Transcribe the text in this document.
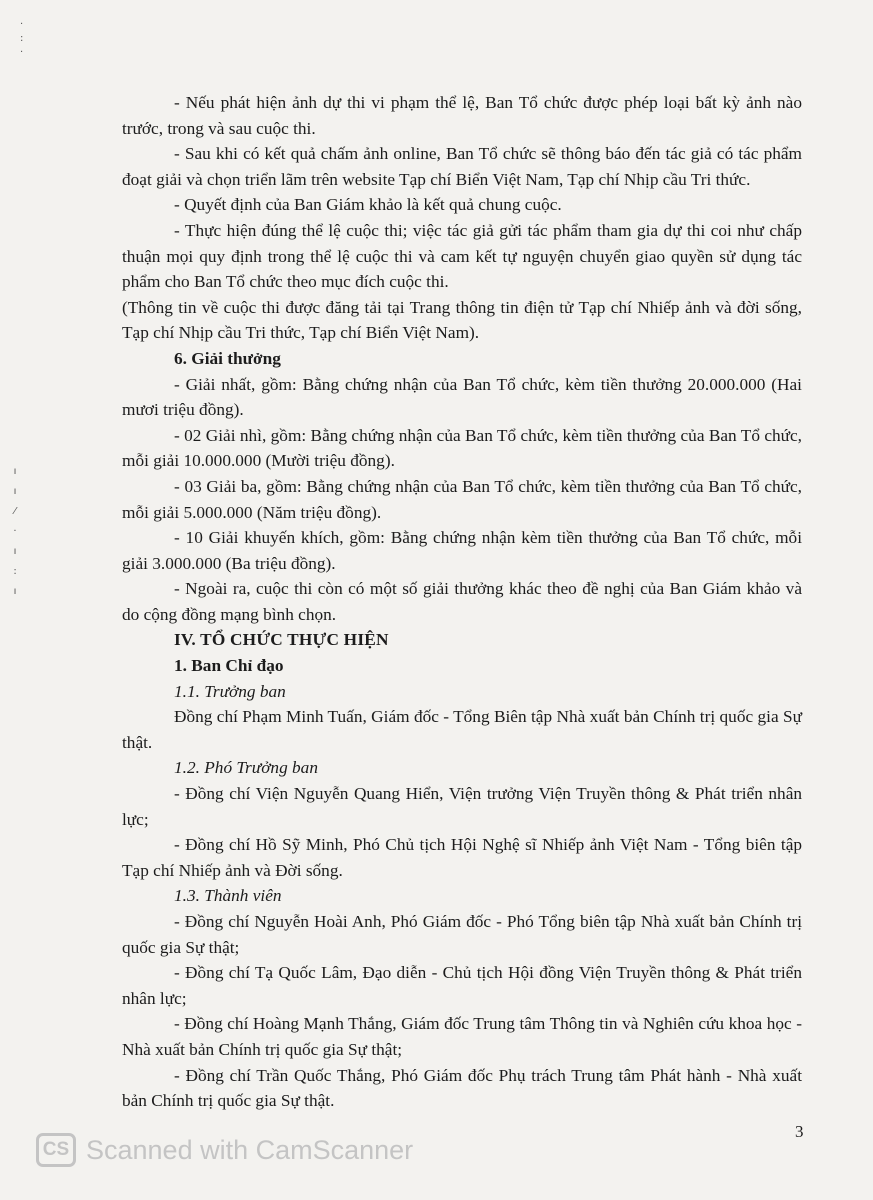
·
:
·
ı
ı
⁄
·
ı
:
ı

- Nếu phát hiện ảnh dự thi vi phạm thể lệ, Ban Tổ chức được phép loại bất kỳ ảnh nào trước, trong và sau cuộc thi.

- Sau khi có kết quả chấm ảnh online, Ban Tổ chức sẽ thông báo đến tác giả có tác phẩm đoạt giải và chọn triển lãm trên website Tạp chí Biển Việt Nam, Tạp chí Nhịp cầu Tri thức.

- Quyết định của Ban Giám khảo là kết quả chung cuộc.

- Thực hiện đúng thể lệ cuộc thi; việc tác giả gửi tác phẩm tham gia dự thi coi như chấp thuận mọi quy định trong thể lệ cuộc thi và cam kết tự nguyện chuyển giao quyền sử dụng tác phẩm cho Ban Tổ chức theo mục đích cuộc thi.

(Thông tin về cuộc thi được đăng tải tại Trang thông tin điện tử Tạp chí Nhiếp ảnh và đời sống, Tạp chí Nhịp cầu Tri thức, Tạp chí Biển Việt Nam).

6. Giải thưởng

- Giải nhất, gồm: Bằng chứng nhận của Ban Tổ chức, kèm tiền thưởng 20.000.000 (Hai mươi triệu đồng).

- 02 Giải nhì, gồm: Bằng chứng nhận của Ban Tổ chức, kèm tiền thưởng của Ban Tổ chức, mỗi giải 10.000.000 (Mười triệu đồng).

- 03 Giải ba, gồm: Bằng chứng nhận của Ban Tổ chức, kèm tiền thưởng của Ban Tổ chức, mỗi giải 5.000.000 (Năm triệu đồng).

- 10 Giải khuyến khích, gồm: Bằng chứng nhận kèm tiền thưởng của Ban Tổ chức, mỗi giải 3.000.000 (Ba triệu đồng).

- Ngoài ra, cuộc thi còn có một số giải thưởng khác theo đề nghị của Ban Giám khảo và do cộng đồng mạng bình chọn.

IV. TỔ CHỨC THỰC HIỆN

1. Ban Chỉ đạo

1.1. Trưởng ban

Đồng chí Phạm Minh Tuấn, Giám đốc - Tổng Biên tập Nhà xuất bản Chính trị quốc gia Sự thật.

1.2. Phó Trưởng ban

- Đồng chí Viện Nguyễn Quang Hiển, Viện trưởng Viện Truyền thông & Phát triển nhân lực;

- Đồng chí Hồ Sỹ Minh, Phó Chủ tịch Hội Nghệ sĩ Nhiếp ảnh Việt Nam - Tổng biên tập Tạp chí Nhiếp ảnh và Đời sống.

1.3. Thành viên

- Đồng chí Nguyễn Hoài Anh, Phó Giám đốc - Phó Tổng biên tập Nhà xuất bản Chính trị quốc gia Sự thật;

- Đồng chí Tạ Quốc Lâm, Đạo diễn - Chủ tịch Hội đồng Viện Truyền thông & Phát triển nhân lực;

- Đồng chí Hoàng Mạnh Thắng, Giám đốc Trung tâm Thông tin và Nghiên cứu khoa học - Nhà xuất bản Chính trị quốc gia Sự thật;

- Đồng chí Trần Quốc Thắng, Phó Giám đốc Phụ trách Trung tâm Phát hành - Nhà xuất bản Chính trị quốc gia Sự thật.

3
CS Scanned with CamScanner
